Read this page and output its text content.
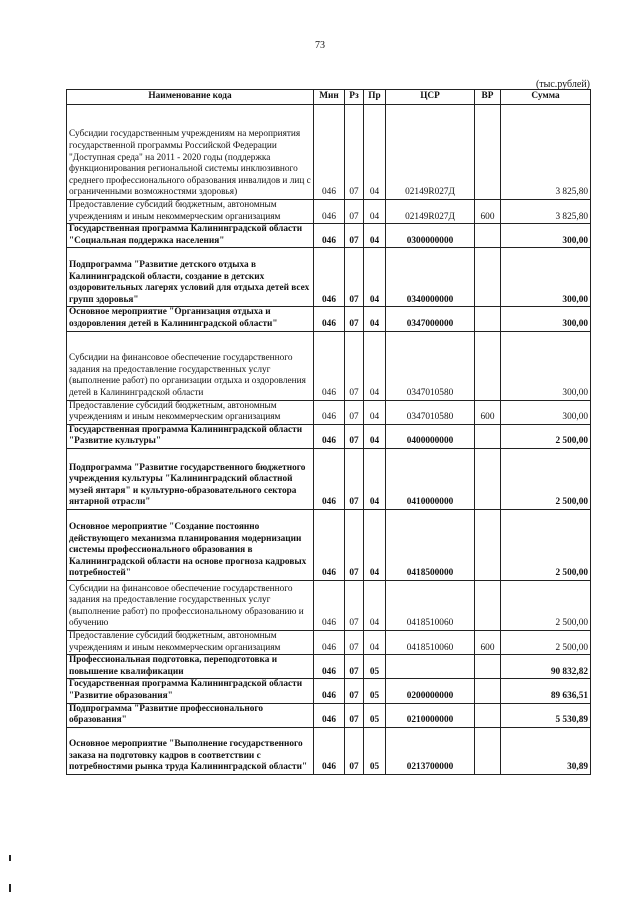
73
(тыс.рублей)
Наименование кода	Мин	Рз	Пр	ЦСР	ВР	Сумма
Субсидии государственным учреждениям на мероприятия государственной программы Российской Федерации "Доступная среда" на 2011 - 2020 годы (поддержка функционирования региональной системы инклюзивного среднего профессионального образования инвалидов и лиц с ограниченными возможностями здоровья)	046	07	04	02149R027Д		3 825,80
Предоставление субсидий бюджетным, автономным учреждениям и иным некоммерческим организациям	046	07	04	02149R027Д	600	3 825,80
Государственная программа Калининградской области "Социальная поддержка населения"	046	07	04	0300000000		300,00
Подпрограмма "Развитие детского отдыха в Калининградской области, создание в детских оздоровительных лагерях условий для отдыха детей всех групп здоровья"	046	07	04	0340000000		300,00
Основное мероприятие "Организация отдыха и оздоровления детей в Калининградской области"	046	07	04	0347000000		300,00
Субсидии на финансовое обеспечение государственного задания на предоставление государственных услуг (выполнение работ) по организации отдыха и оздоровления детей в Калининградской области	046	07	04	0347010580		300,00
Предоставление субсидий бюджетным, автономным учреждениям и иным некоммерческим организациям	046	07	04	0347010580	600	300,00
Государственная программа Калининградской области "Развитие культуры"	046	07	04	0400000000		2 500,00
Подпрограмма "Развитие государственного бюджетного учреждения культуры "Калининградский областной музей янтаря" и культурно-образовательного сектора янтарной отрасли"	046	07	04	0410000000		2 500,00
Основное мероприятие "Создание постоянно действующего механизма планирования модернизации системы профессионального образования в Калининградской области на основе прогноза кадровых потребностей"	046	07	04	0418500000		2 500,00
Субсидии на финансовое обеспечение государственного задания на предоставление государственных услуг (выполнение работ) по профессиональному образованию и обучению	046	07	04	0418510060		2 500,00
Предоставление субсидий бюджетным, автономным учреждениям и иным некоммерческим организациям	046	07	04	0418510060	600	2 500,00
Профессиональная подготовка, переподготовка и повышение квалификации	046	07	05			90 832,82
Государственная программа Калининградской области "Развитие образования"	046	07	05	0200000000		89 636,51
Подпрограмма "Развитие профессионального образования"	046	07	05	0210000000		5 530,89
Основное мероприятие "Выполнение государственного заказа на подготовку кадров в соответствии с потребностями рынка труда Калининградской области"	046	07	05	0213700000		30,89
